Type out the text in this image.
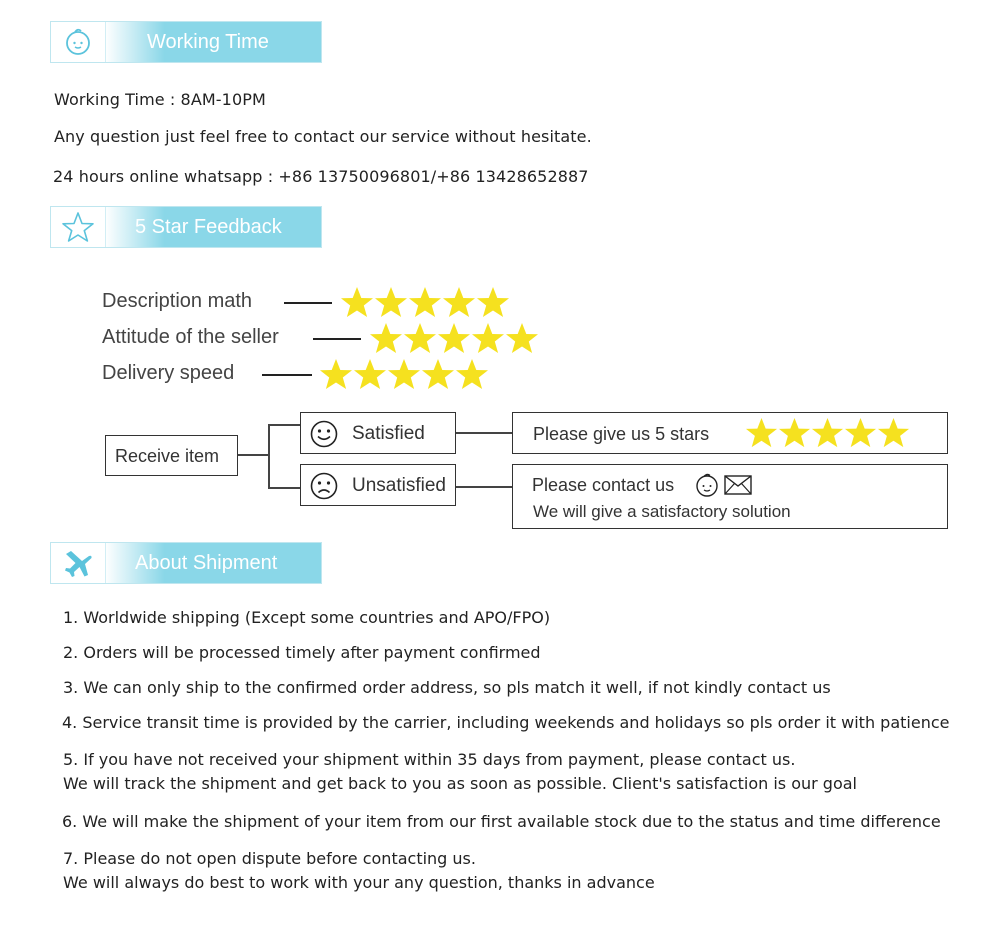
Working Time
Working Time : 8AM-10PM
Any question just feel free to contact our service without hesitate.
24 hours online whatsapp : +86 13750096801/+86 13428652887
5 Star Feedback
Description math
Attitude of the seller
Delivery speed
Receive item
Satisfied
Unsatisfied
Please give us 5 stars
Please contact us
We will give a satisfactory solution
About Shipment
1. Worldwide shipping (Except some countries and APO/FPO)
2. Orders will be processed timely after payment confirmed
3. We can only ship to the confirmed order address, so pls match it well, if not kindly contact us
4. Service transit time is provided by the carrier, including weekends and holidays so pls order it with patience
5. If you have not received your shipment within 35 days from payment, please contact us.
We will track the shipment and get back to you as soon as possible. Client's satisfaction is our goal
6. We will make the shipment of your item from our first available stock due to the status and time difference
7. Please do not open dispute before contacting us.
We will always do best to work with your any question, thanks in advance
